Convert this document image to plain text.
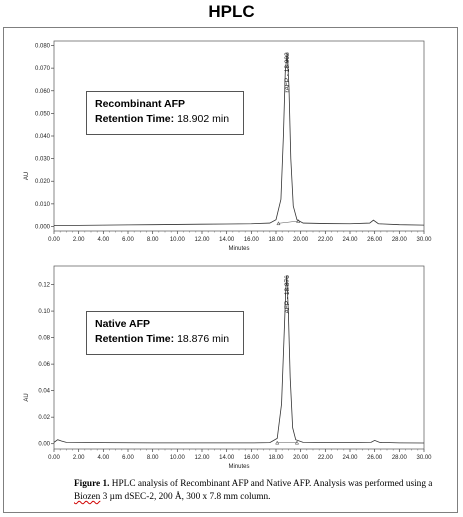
HPLC
0.000
0.010
0.020
0.030
0.040
0.050
0.060
0.070
0.080
0.00 2.00 4.00 6.00 8.00 10.00 12.00 14.00 16.00 18.00 20.00 22.00 24.00 26.00 28.00 30.00
Minutes
AU
rAFP - 18.902
0.00
0.02
0.04
0.06
0.08
0.10
0.12
0.00 2.00 4.00 6.00 8.00 10.00 12.00 14.00 16.00 18.00 20.00 22.00 24.00 26.00 28.00 30.00
Minutes
AU
AFP - 18.876
Recombinant AFP
Retention Time: 18.902 min
Native AFP
Retention Time: 18.876 min
Figure 1. HPLC analysis of Recombinant AFP and Native AFP. Analysis was performed using a Biozen 3 µm dSEC-2, 200 Å, 300 x 7.8 mm column.
